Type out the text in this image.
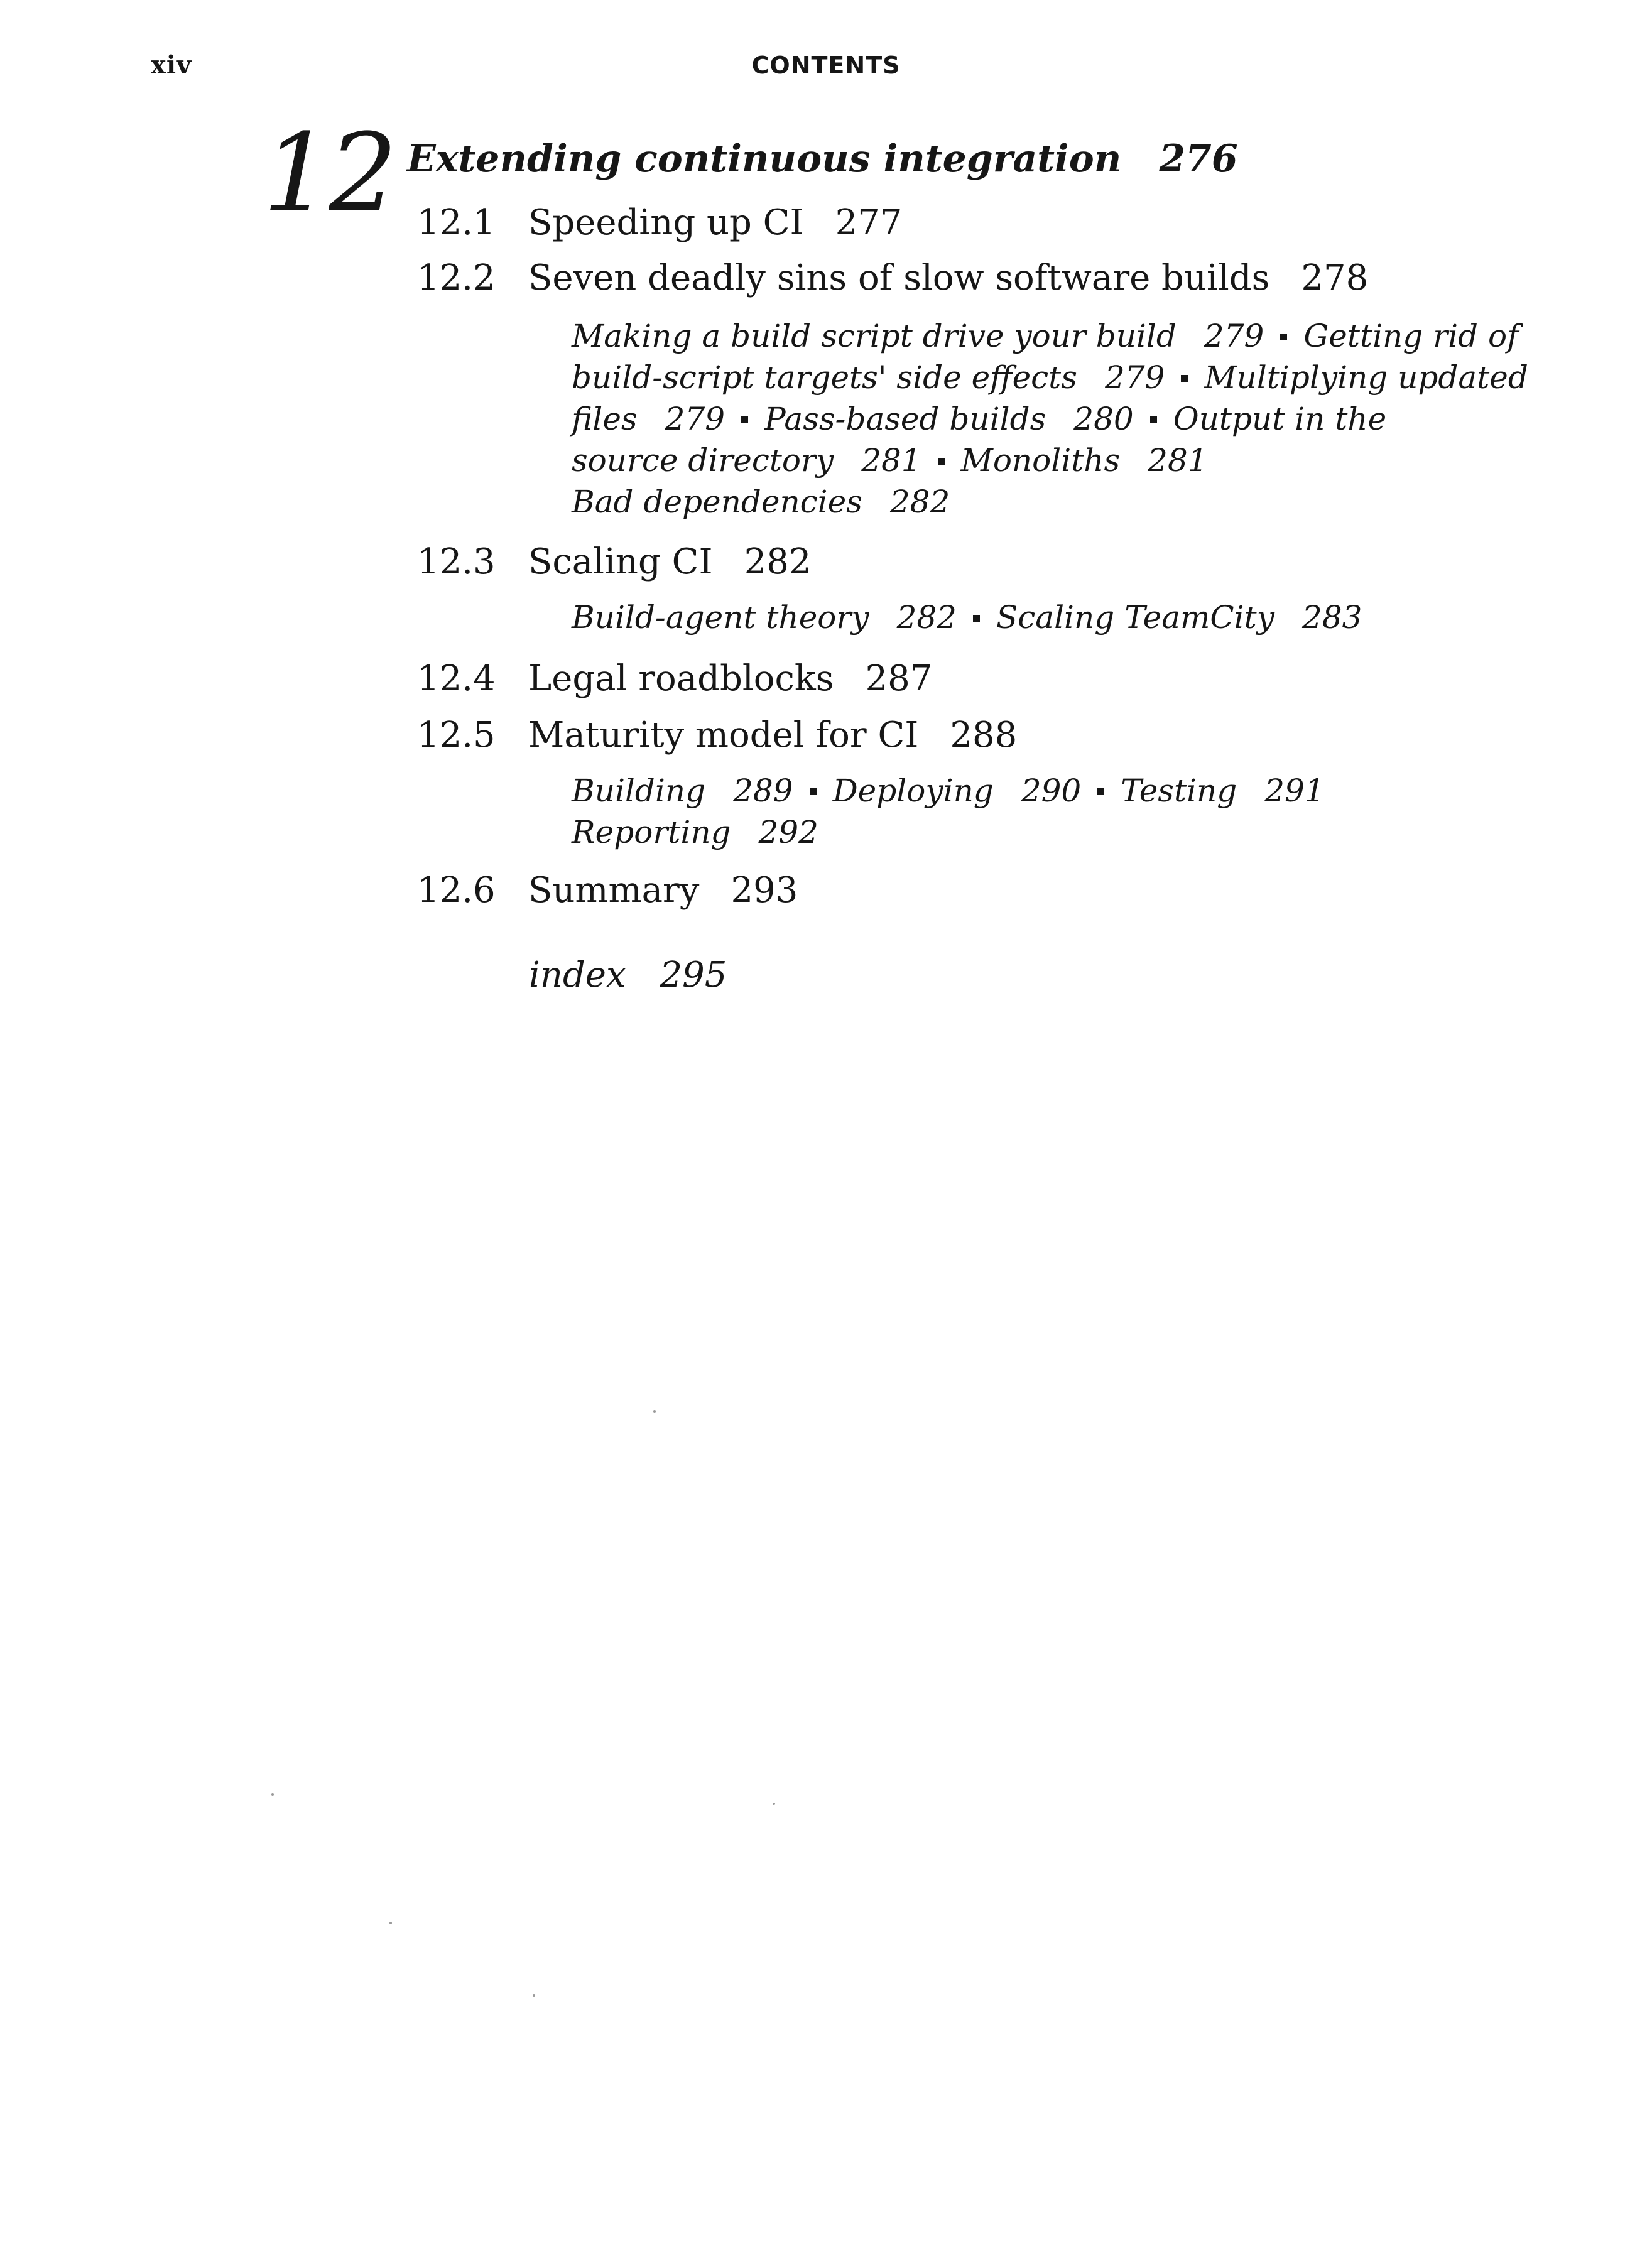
xiv	CONTENTS
12 Extending continuous integration 276
12.1 Speeding up CI 277
12.2 Seven deadly sins of slow software builds 278
Making a build script drive your build 279 Getting rid of
build-script targets' side effects 279 Multiplying updated
files 279 Pass-based builds 280 Output in the
source directory 281 Monoliths 281
Bad dependencies 282
12.3 Scaling CI 282
Build-agent theory 282 Scaling TeamCity 283
12.4 Legal roadblocks 287
12.5 Maturity model for CI 288
Building 289 Deploying 290 Testing 291
Reporting 292
12.6 Summary 293
index 295
